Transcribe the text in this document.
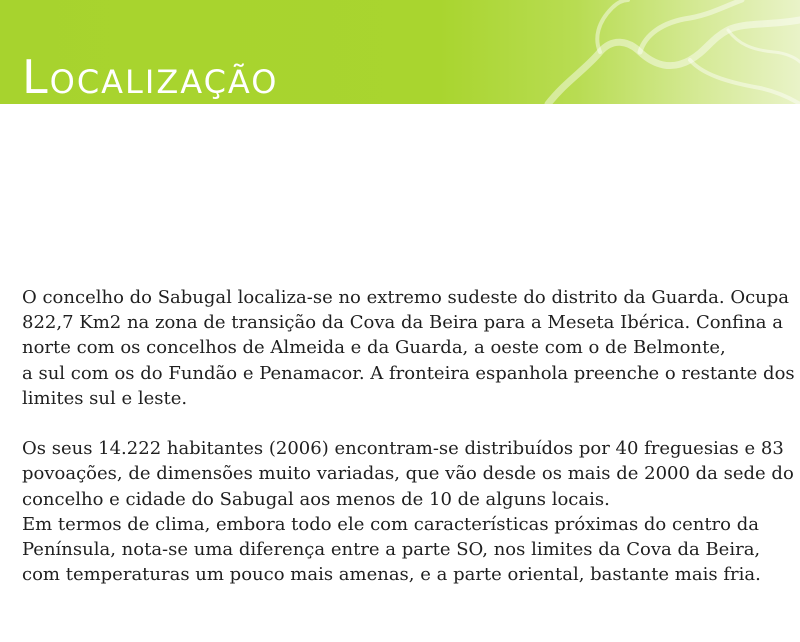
Localização

O concelho do Sabugal localiza-se no extremo sudeste do distrito da Guarda. Ocupa
822,7 Km2 na zona de transição da Cova da Beira para a Meseta Ibérica. Confina a
norte com os concelhos de Almeida e da Guarda, a oeste com o de Belmonte,
a sul com os do Fundão e Penamacor. A fronteira espanhola preenche o restante dos
limites sul e leste.

Os seus 14.222 habitantes (2006) encontram-se distribuídos por 40 freguesias e 83
povoações, de dimensões muito variadas, que vão desde os mais de 2000 da sede do
concelho e cidade do Sabugal aos menos de 10 de alguns locais.
Em termos de clima, embora todo ele com características próximas do centro da
Península, nota-se uma diferença entre a parte SO, nos limites da Cova da Beira,
com temperaturas um pouco mais amenas, e a parte oriental, bastante mais fria.
